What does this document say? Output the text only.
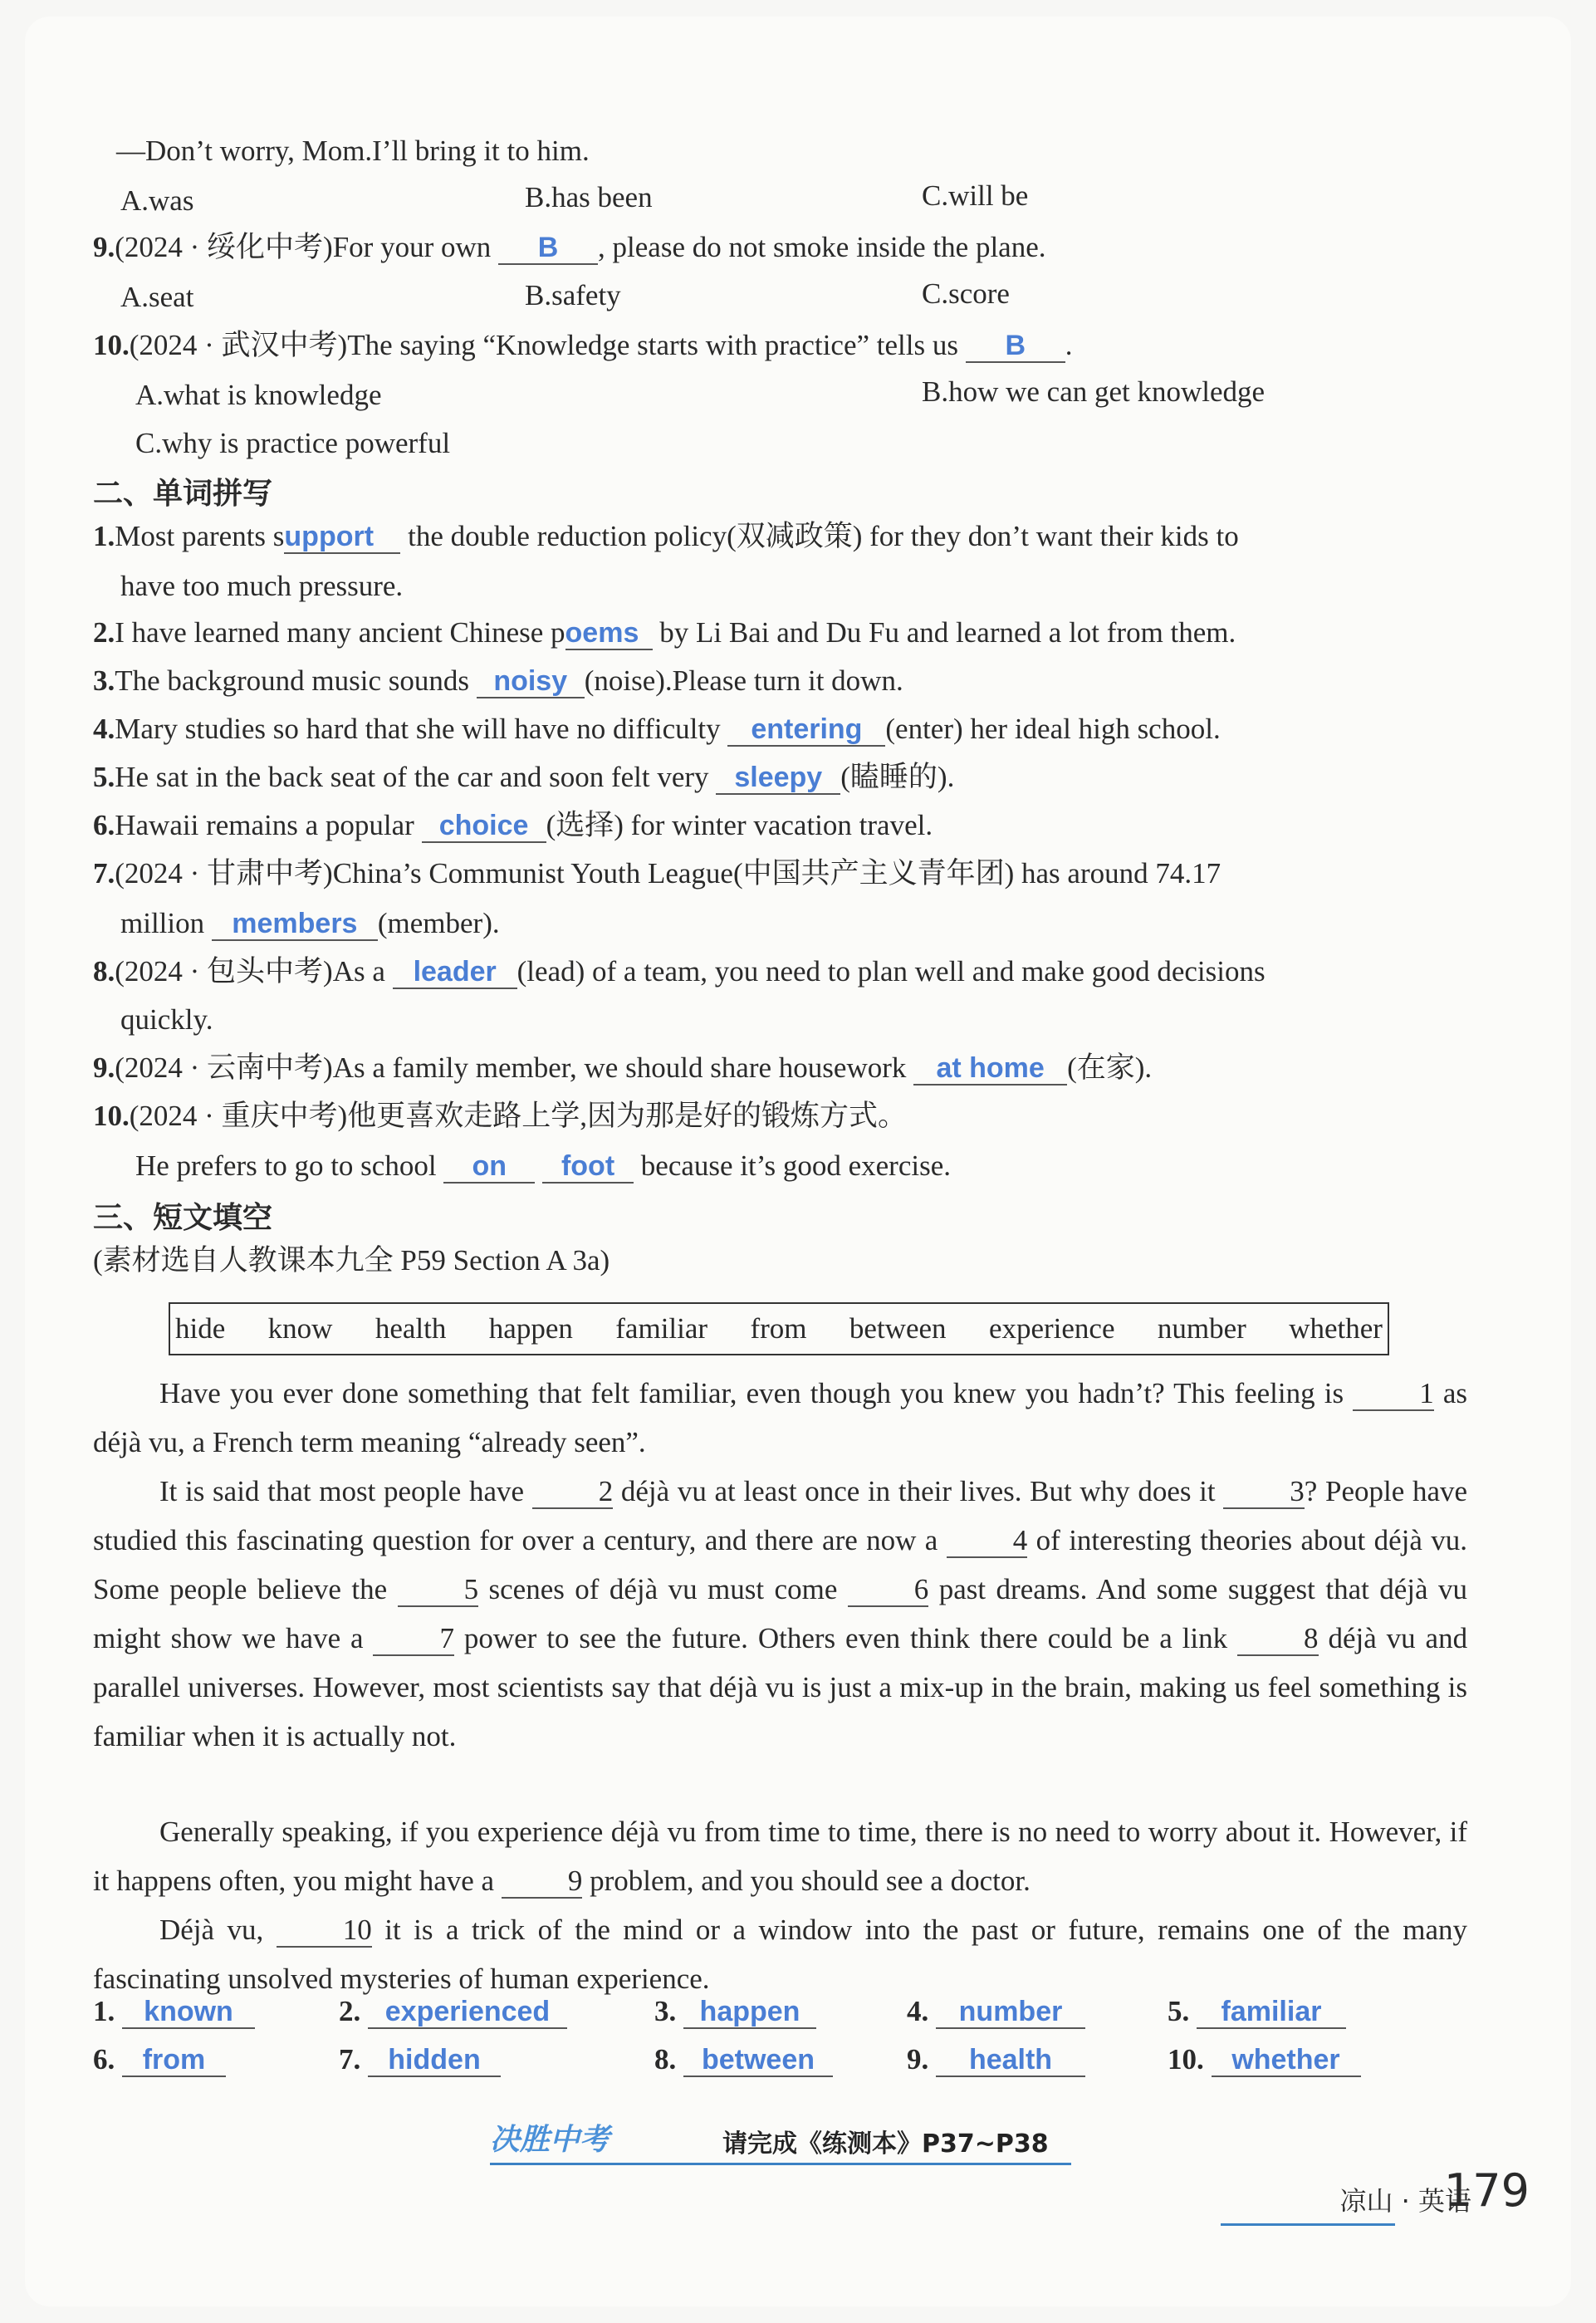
—Don’t worry, Mom.I’ll bring it to him.
A.was	B.has been	C.will be
9.(2024 · 绥化中考)For your own B , please do not smoke inside the plane.
A.seat	B.safety	C.score
10.(2024 · 武汉中考)The saying “Knowledge starts with practice” tells us B .
A.what is knowledge	B.how we can get knowledge
C.why is practice powerful
二、单词拼写
1.Most parents support the double reduction policy(双减政策) for they don’t want their kids to
have too much pressure.
2.I have learned many ancient Chinese poems by Li Bai and Du Fu and learned a lot from them.
3.The background music sounds noisy (noise).Please turn it down.
4.Mary studies so hard that she will have no difficulty entering (enter) her ideal high school.
5.He sat in the back seat of the car and soon felt very sleepy (瞌睡的).
6.Hawaii remains a popular choice (选择) for winter vacation travel.
7.(2024 · 甘肃中考)China’s Communist Youth League(中国共产主义青年团) has around 74.17
million members (member).
8.(2024 · 包头中考)As a leader (lead) of a team, you need to plan well and make good decisions
quickly.
9.(2024 · 云南中考)As a family member, we should share housework at home (在家).
10.(2024 · 重庆中考)他更喜欢走路上学,因为那是好的锻炼方式。
He prefers to go to school on foot because it’s good exercise.
三、短文填空
(素材选自人教课本九全 P59 Section A 3a)
hide know health happen familiar from between experience number whether
Have you ever done something that felt familiar, even though you knew you hadn’t? This feeling is	1 as déjà vu, a French term meaning “already seen”.
It is said that most people have	2 déjà vu at least once in their lives. But why does it	3? People have studied this fascinating question for over a century, and there are now a	4 of interesting theories about déjà vu. Some people believe the	5 scenes of déjà vu must come	6 past dreams. And some suggest that déjà vu might show we have a	7 power to see the future. Others even think there could be a link	8 déjà vu and parallel universes. However, most scientists say that déjà vu is just a mix-up in the brain, making us feel something is familiar when it is actually not.
Generally speaking, if you experience déjà vu from time to time, there is no need to worry about it. However, if it happens often, you might have a	9 problem, and you should see a doctor.
Déjà vu,	10 it is a trick of the mind or a window into the past or future, remains one of the many fascinating unsolved mysteries of human experience.
1. known	2. experienced	3. happen	4. number	5. familiar
6. from	7. hidden	8. between	9. health	10. whether
决胜中考	请完成《练测本》P37~P38
凉山 · 英语
179
